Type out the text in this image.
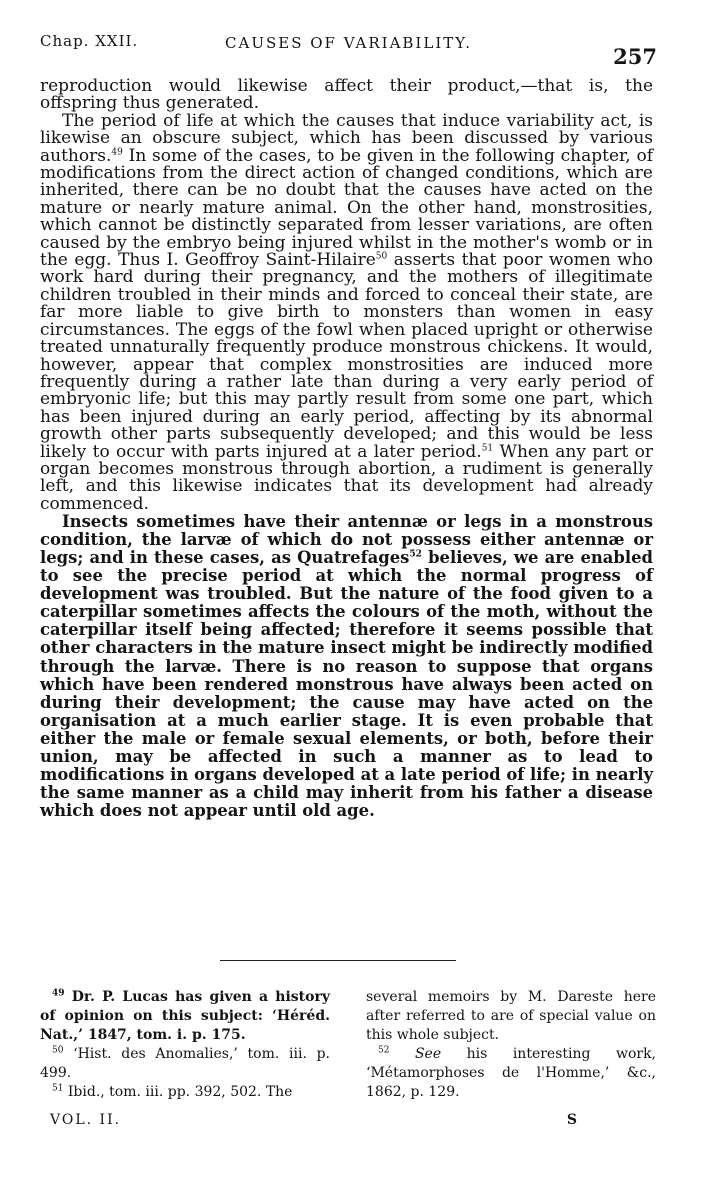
Chap. XXII.	CAUSES OF VARIABILITY.
257

reproduction would likewise affect their product,—that is, the offspring thus generated.

The period of life at which the causes that induce variability act, is likewise an obscure subject, which has been discussed by various authors.$^{49}$ In some of the cases, to be given in the following chapter, of modifications from the direct action of changed conditions, which are inherited, there can be no doubt that the causes have acted on the mature or nearly mature animal. On the other hand, monstrosities, which cannot be distinctly separated from lesser variations, are often caused by the embryo being injured whilst in the mother's womb or in the egg. Thus I. Geoffroy Saint-Hilaire$^{50}$ asserts that poor women who work hard during their pregnancy, and the mothers of illegitimate children troubled in their minds and forced to conceal their state, are far more liable to give birth to monsters than women in easy circumstances. The eggs of the fowl when placed upright or otherwise treated unnaturally frequently produce monstrous chickens. It would, however, appear that complex monstrosities are induced more frequently during a rather late than during a very early period of embryonic life; but this may partly result from some one part, which has been injured during an early period, affecting by its abnormal growth other parts subsequently developed; and this would be less likely to occur with parts injured at a later period.$^{51}$ When any part or organ becomes monstrous through abortion, a rudiment is generally left, and this likewise indicates that its development had already commenced.

Insects sometimes have their antennæ or legs in a monstrous condition, the larvæ of which do not possess either antennæ or legs; and in these cases, as Quatrefages$^{52}$ believes, we are enabled to see the precise period at which the normal progress of development was troubled. But the nature of the food given to a caterpillar sometimes affects the colours of the moth, without the caterpillar itself being affected; therefore it seems possible that other characters in the mature insect might be indirectly modified through the larvæ. There is no reason to suppose that organs which have been rendered monstrous have always been acted on during their development; the cause may have acted on the organisation at a much earlier stage. It is even probable that either the male or female sexual elements, or both, before their union, may be affected in such a manner as to lead to modifications in organs developed at a late period of life; in nearly the same manner as a child may inherit from his father a disease which does not appear until old age.

$^{49}$ Dr. P. Lucas has given a history of opinion on this subject: ‘Héréd. Nat.,’ 1847, tom. i. p. 175.

$^{50}$ ‘Hist. des Anomalies,’ tom. iii. p. 499.

$^{51}$ Ibid., tom. iii. pp. 392, 502. The

several memoirs by M. Dareste here after referred to are of special value on this whole subject.

$^{52}$ See his interesting work, ‘Métamorphoses de l'Homme,’ &c., 1862, p. 129.

VOL. II.	S
